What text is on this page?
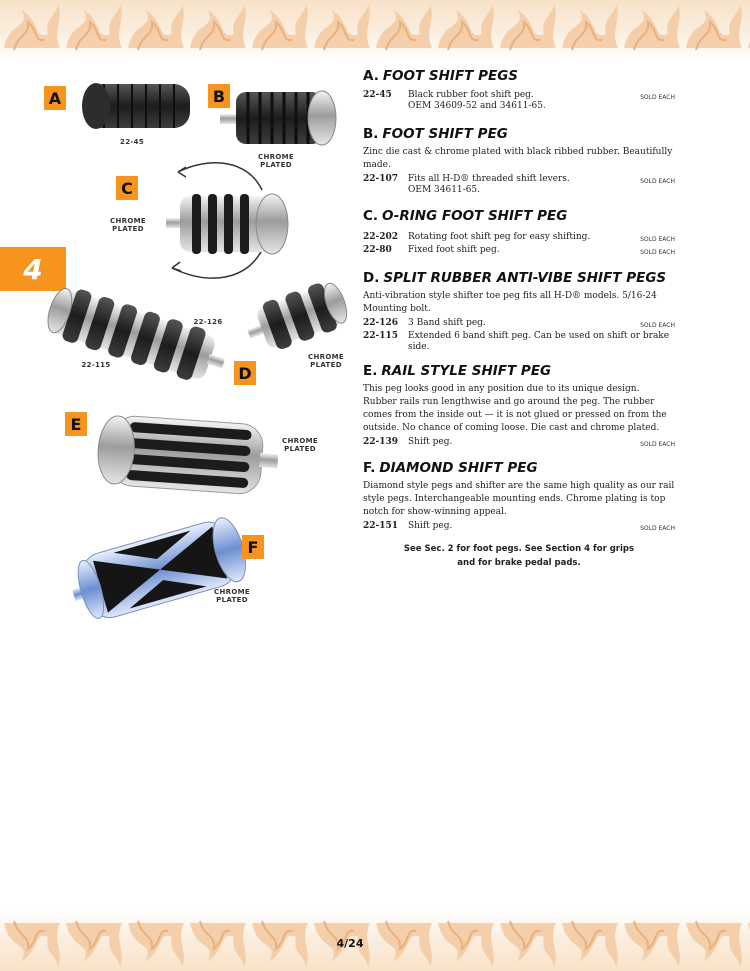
4
A	B
C
D
E
F
22-45
CHROME PLATED
CHROME PLATED
22-126
22-115
CHROME PLATED
CHROME PLATED
CHROME PLATED

A. FOOT SHIFT PEGS

22-45	Black rubber foot shift peg.
OEM 34609-52 and 34611-65.
SOLD EACH

B. FOOT SHIFT PEG

Zinc die cast & chrome plated with black ribbed rubber. Beautifully made.

22-107	Fits all H-D® threaded shift levers.
OEM 34611-65.
SOLD EACH

C. O-RING FOOT SHIFT PEG

22-202	Rotating foot shift peg for easy shifting.	SOLD EACH
22-80	Fixed foot shift peg.	SOLD EACH

D. SPLIT RUBBER ANTI-VIBE SHIFT PEGS

Anti-vibration style shifter toe peg fits all H-D® models. 5/16-24 Mounting bolt.

22-126	3 Band shift peg.	SOLD EACH
22-115	Extended 6 band shift peg. Can be used on shift or brake side.

E. RAIL STYLE SHIFT PEG

This peg looks good in any position due to its unique design. Rubber rails run lengthwise and go around the peg. The rubber comes from the inside out — it is not glued or pressed on from the outside. No chance of coming loose. Die cast and chrome plated.

22-139	Shift peg.	SOLD EACH

F. DIAMOND SHIFT PEG

Diamond style pegs and shifter are the same high quality as our rail style pegs. Interchangeable mounting ends. Chrome plating is top notch for show-winning appeal.

22-151	Shift peg.	SOLD EACH
See Sec. 2 for foot pegs. See Section 4 for grips
and for brake pedal pads.
4/24
